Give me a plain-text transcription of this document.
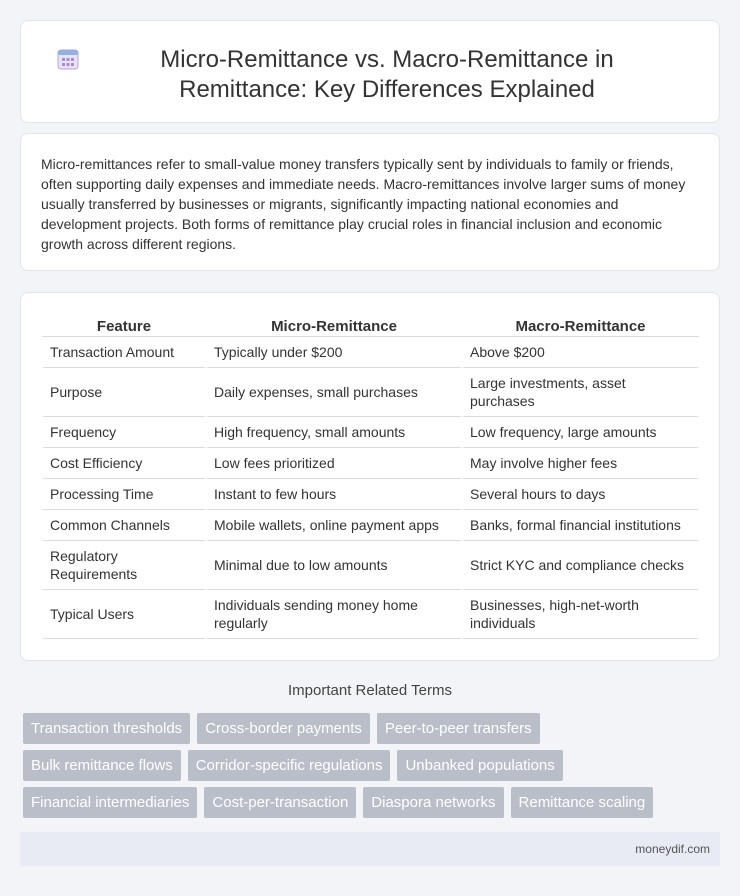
Micro-Remittance vs. Macro-Remittance in Remittance: Key Differences Explained

Micro-remittances refer to small-value money transfers typically sent by individuals to family or friends, often supporting daily expenses and immediate needs. Macro-remittances involve larger sums of money usually transferred by businesses or migrants, significantly impacting national economies and development projects. Both forms of remittance play crucial roles in financial inclusion and economic growth across different regions.

Feature	Micro-Remittance	Macro-Remittance
Transaction Amount	Typically under $200	Above $200
Purpose	Daily expenses, small purchases	Large investments, asset purchases
Frequency	High frequency, small amounts	Low frequency, large amounts
Cost Efficiency	Low fees prioritized	May involve higher fees
Processing Time	Instant to few hours	Several hours to days
Common Channels	Mobile wallets, online payment apps	Banks, formal financial institutions
Regulatory Requirements	Minimal due to low amounts	Strict KYC and compliance checks
Typical Users	Individuals sending money home regularly	Businesses, high-net-worth individuals
Important Related Terms
Transaction thresholds	Cross-border payments	Peer-to-peer transfers
Bulk remittance flows	Corridor-specific regulations	Unbanked populations
Financial intermediaries	Cost-per-transaction	Diaspora networks	Remittance scaling
moneydif.com
